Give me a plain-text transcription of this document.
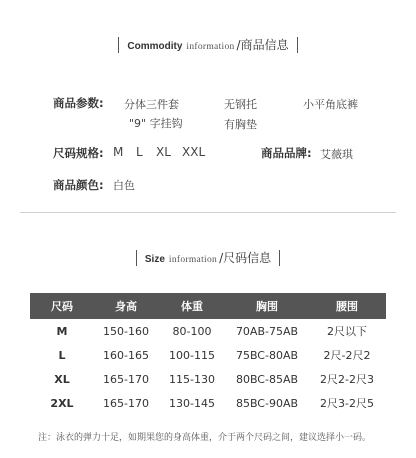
Commodity information /商品信息
商品参数: 分体三件套	无钢托	小平角底裤
"9" 字挂钩	有胸垫
尺码规格: M L XL XXL	商品品牌: 艾薇琪
商品颜色: 白色
Size information /尺码信息
尺码	身高	体重	胸围	腰围
M	150-160	80-100	70AB-75AB	2尺以下
L	160-165	100-115	75BC-80AB	2尺-2尺2
XL	165-170	115-130	80BC-85AB	2尺2-2尺3
2XL	165-170	130-145	85BC-90AB	2尺3-2尺5
注：泳衣的弹力十足，如期果您的身高体重，介于两个尺码之间，建议选择小一码。
